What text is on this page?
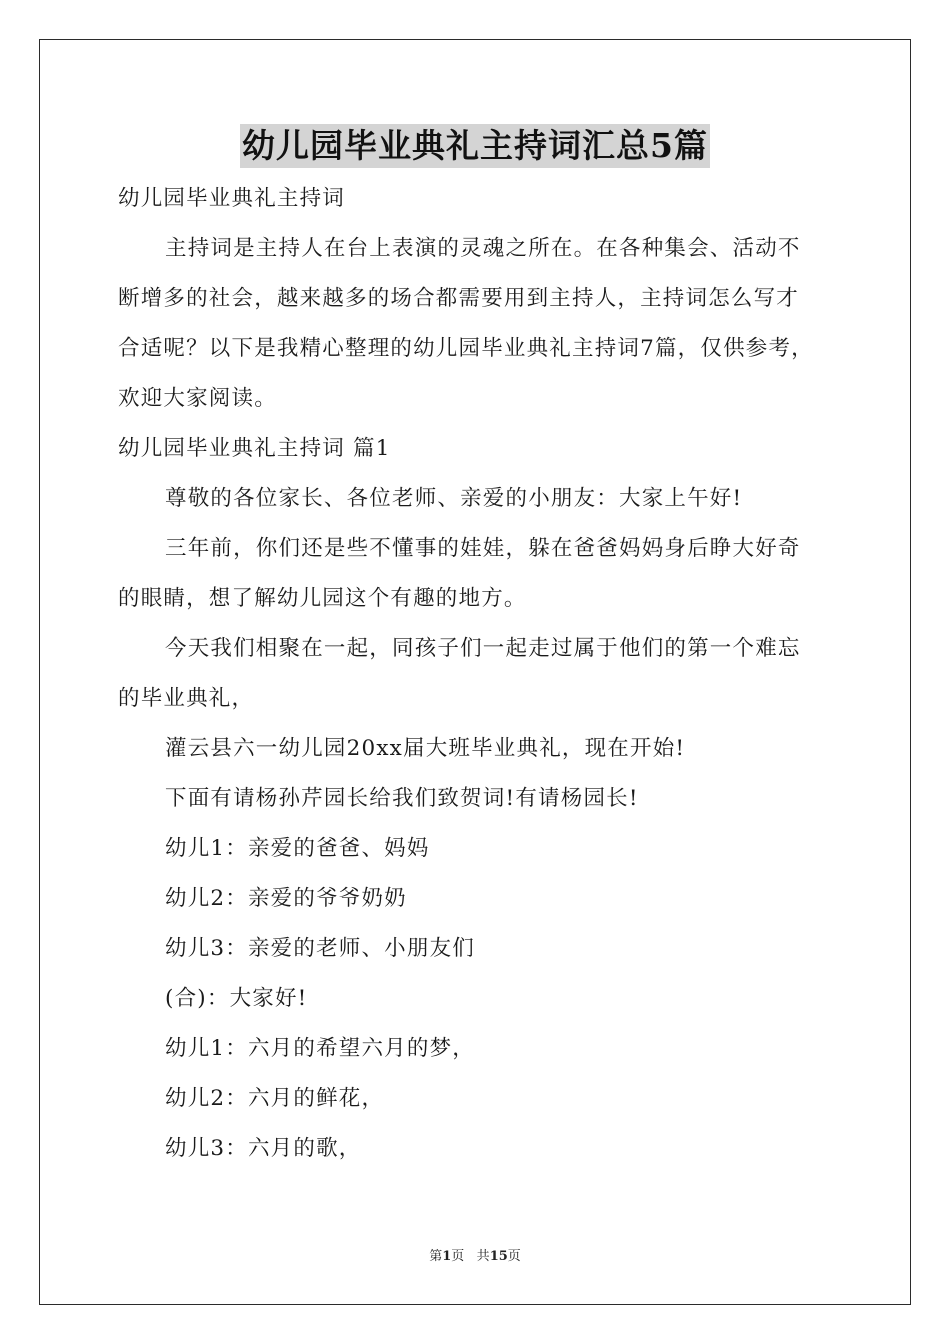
幼儿园毕业典礼主持词汇总5篇
幼儿园毕业典礼主持词
主持词是主持人在台上表演的灵魂之所在。在各种集会、活动不
断增多的社会，越来越多的场合都需要用到主持人，主持词怎么写才
合适呢？以下是我精心整理的幼儿园毕业典礼主持词7篇，仅供参考，
欢迎大家阅读。
幼儿园毕业典礼主持词 篇1
尊敬的各位家长、各位老师、亲爱的小朋友：大家上午好!
三年前，你们还是些不懂事的娃娃，躲在爸爸妈妈身后睁大好奇
的眼睛，想了解幼儿园这个有趣的地方。
今天我们相聚在一起，同孩子们一起走过属于他们的第一个难忘
的毕业典礼，
灌云县六一幼儿园20xx届大班毕业典礼，现在开始!
下面有请杨孙芹园长给我们致贺词!有请杨园长!
幼儿1：亲爱的爸爸、妈妈
幼儿2：亲爱的爷爷奶奶
幼儿3：亲爱的老师、小朋友们
(合)：大家好!
幼儿1：六月的希望六月的梦，
幼儿2：六月的鲜花，
幼儿3：六月的歌，
第1页 共15页
